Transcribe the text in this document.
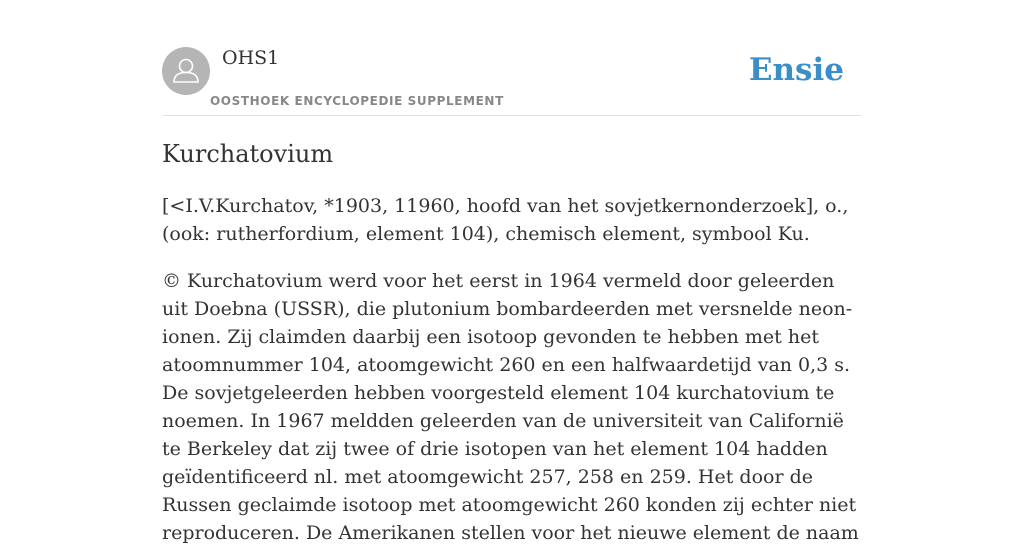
OHS1
OOSTHOEK ENCYCLOPEDIE SUPPLEMENT
Ensie
Kurchatovium

[<I.V.Kurchatov, *1903, 11960, hoofd van het sovjetkernonderzoek], o., (ook: rutherfordium, element 104), chemisch element, symbool Ku.

© Kurchatovium werd voor het eerst in 1964 vermeld door geleerden uit Doebna (USSR), die plutonium bombardeerden met versnelde neon-ionen. Zij claimden daarbij een isotoop gevonden te hebben met het atoomnummer 104, atoomgewicht 260 en een halfwaardetijd van 0,3 s. De sovjetgeleerden hebben voorgesteld element 104 kurchatovium te noemen. In 1967 meldden geleerden van de universiteit van Californië te Berkeley dat zij twee of drie isotopen van het element 104 hadden geïdentificeerd nl. met atoomgewicht 257, 258 en 259. Het door de Russen geclaimde isotoop met atoomgewicht 260 konden zij echter niet reproduceren. De Amerikanen stellen voor het nieuwe element de naam
